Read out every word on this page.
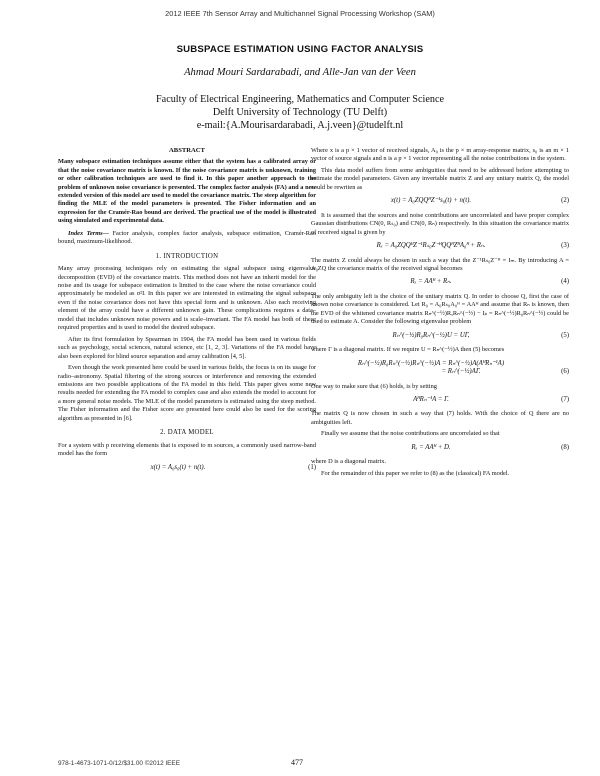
2012 IEEE 7th Sensor Array and Multichannel Signal Processing Workshop (SAM)
SUBSPACE ESTIMATION USING FACTOR ANALYSIS
Ahmad Mouri Sardarabadi, and Alle-Jan van der Veen
Faculty of Electrical Engineering, Mathematics and Computer Science
Delft University of Technology (TU Delft)
e-mail:{A.Mourisardarabadi, A.j.veen}@tudelft.nl
ABSTRACT

Many subspace estimation techniques assume either that the system has a calibrated array or that the noise covariance matrix is known. If the noise covariance matrix is unknown, training or other calibration techniques are used to find it. In this paper another approach to the problem of unknown noise covariance is presented. The complex factor analysis (FA) and a new extended version of this model are used to model the covariance matrix. The steep algorithm for finding the MLE of the model parameters is presented. The Fisher information and an expression for the Cramér-Rao bound are derived. The practical use of the model is illustrated using simulated and experimental data.

Index Terms— Factor analysis, complex factor analysis, subspace estimation, Cramér-Rao bound, maximum-likelihood.

1. INTRODUCTION

Many array processing techniques rely on estimating the signal subspace using eigenvalue decomposition (EVD) of the covariance matrix. This method does not have an inherit model for the noise and its usage for subspace estimation is limited to the case where the noise covariance could approximately be modeled as σ²I. In this paper we are interested in estimating the signal subspace even if the noise covariance does not have this special form and is unknown. Also each receiving element of the array could have a different unknown gain. These complications requires a data–model that includes unknown noise powers and is scale–invariant. The FA model has both of these required properties and is used to model the desired subspace.

After its first formulation by Spearman in 1904, the FA model has been used in various fields such as psychology, social sciences, natural science, etc [1, 2, 3]. Variations of the FA model have also been explored for blind source separation and array calibration [4, 5].

Even though the work presented here could be used in various fields, the focus is on its usage for radio–astronomy. Spatial filtering of the strong sources or interference and removing the extended emissions are two possible applications of the FA model in this field. This paper gives some new results needed for extending the FA model to complex case and also extends the model to account for a more general noise models. The MLE of the model parameters is estimated using the steep method. The Fisher information and the Fisher score are presented here could also be used for the scoring algorithm as presented in [6].

2. DATA MODEL

For a system with p receiving elements that is exposed to m sources, a commonly used narrow-band model has the form

x(t) = A₀s₀(t) + n(t).	(1)

Where x is a p × 1 vector of received signals, A₀ is the p × m array-response matrix, s₀ is an m × 1 vector of source signals and n is a p × 1 vector representing all the noise contributions in the system.

This data model suffers from some ambiguities that need to be addressed before attempting to estimate the model parameters. Given any invertable matrix Z and any unitary matrix Q, the model could be rewriten as

x(t) = A₀ZQQᴴZ⁻¹s₀(t) + n(t).	(2)

It is assumed that the sources and noise contributions are uncorrelated and have proper complex Gaussian distributions CN(0, Rₛ₀) and CN(0, Rₙ) respectively. In this situation the covariance matrix of received signal is given by

Rₓ = A₀ZQQᴴZ⁻¹Rₛ₀Z⁻ᴴQQᴴZᴴA₀ᴴ + Rₙ.	(3)

The matrix Z could always be chosen in such a way that the Z⁻¹Rₛ₀Z⁻ᴴ = Iₘ. By introducing A = A₀ZQ the covariance matrix of the received signal becomes

Rₓ = AAᴴ + Rₙ.	(4)

The only ambiguity left is the choice of the unitary matrix Q. In order to choose Q, first the case of known noise covariance is considered. Let R₀ = A₀Rₛ₀A₀ᴴ = AAᴴ and assume that Rₙ is known, then the EVD of the whitened covariance matrix Rₙ^(−½)RₓRₙ^(−½) − Iₚ = Rₙ^(−½)R₀Rₙ^(−½) could be used to estimate A. Consider the following eigenvalue problem

Rₙ^(−½)R₀Rₙ^(−½)U = UΓ,	(5)

where Γ is a diagonal matrix. If we require U = Rₙ^(−½)A then (5) becomes

Rₙ^(−½)R₀Rₙ^(−½)Rₙ^(−½)A = Rₙ^(−½)A(AᴴRₙ⁻¹A)
= Rₙ^(−½)AΓ.	(6)

One way to make sure that (6) holds, is by setting

AᴴRₙ⁻¹A = Γ.	(7)

The matrix Q is now chosen in such a way that (7) holds. With the choice of Q there are no ambiguities left.

Finally we assume that the noise contributions are uncorrelated so that

Rₓ = AAᴴ + D.	(8)

where D is a diagonal matrix.

For the remainder of this paper we refer to (8) as the (classical) FA model.

978-1-4673-1071-0/12/$31.00 ©2012 IEEE	477
